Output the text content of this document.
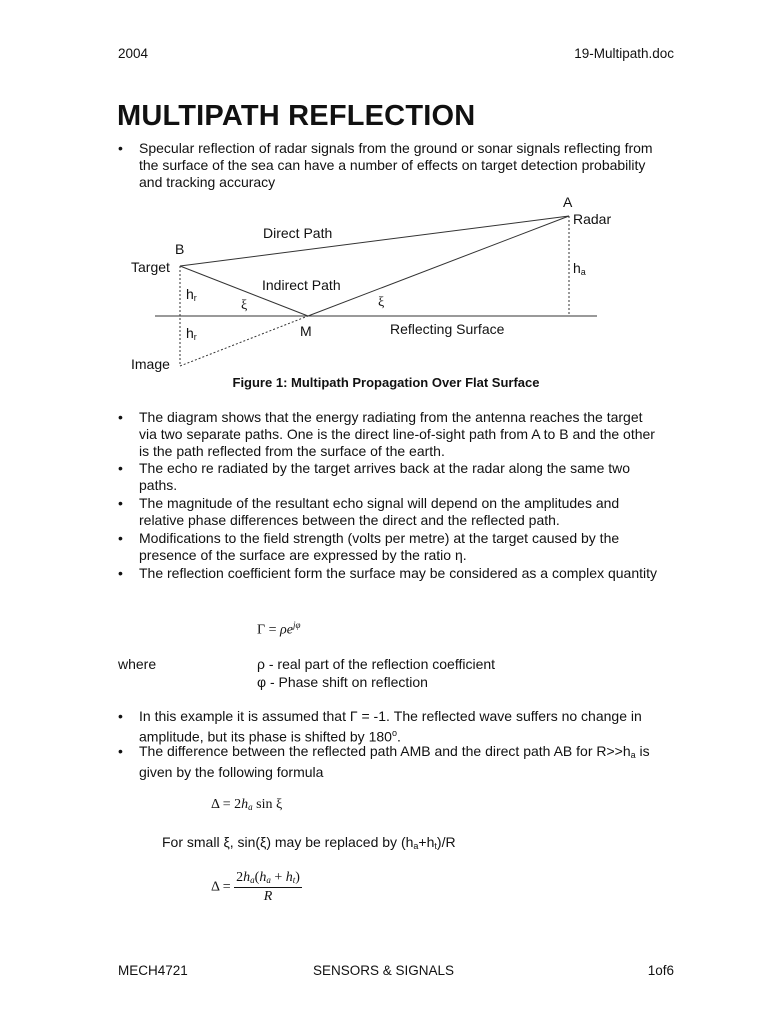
2004	19-Multipath.doc
MULTIPATH REFLECTION
• Specular reflection of radar signals from the ground or sonar signals reflecting from the surface of the sea can have a number of effects on target detection probability and tracking accuracy
A
Radar
Direct Path
B
Target	ha
hr
Indirect Path
ξ	ξ
hr	M	Reflecting Surface
Image
Figure 1: Multipath Propagation Over Flat Surface
• The diagram shows that the energy radiating from the antenna reaches the target via two separate paths. One is the direct line-of-sight path from A to B and the other is the path reflected from the surface of the earth.
• The echo re radiated by the target arrives back at the radar along the same two paths.
• The magnitude of the resultant echo signal will depend on the amplitudes and relative phase differences between the direct and the reflected path.
• Modifications to the field strength (volts per metre) at the target caused by the presence of the surface are expressed by the ratio η.
• The reflection coefficient form the surface may be considered as a complex quantity
$\Gamma = \rho e^{j\varphi}$
where	ρ - real part of the reflection coefficient
φ - Phase shift on reflection
• In this example it is assumed that Γ = -1. The reflected wave suffers no change in amplitude, but its phase is shifted by 180$^o$.
• The difference between the reflected path AMB and the direct path AB for $R>>h_a$ is given by the following formula
$\Delta = 2h_a$ sin ξ
For small ξ, sin(ξ) may be replaced by $(h_a+h_t)/R$
$\Delta = \frac{2h_a(h_a + h_t)}{R}$
MECH4721	SENSORS & SIGNALS	1of6
